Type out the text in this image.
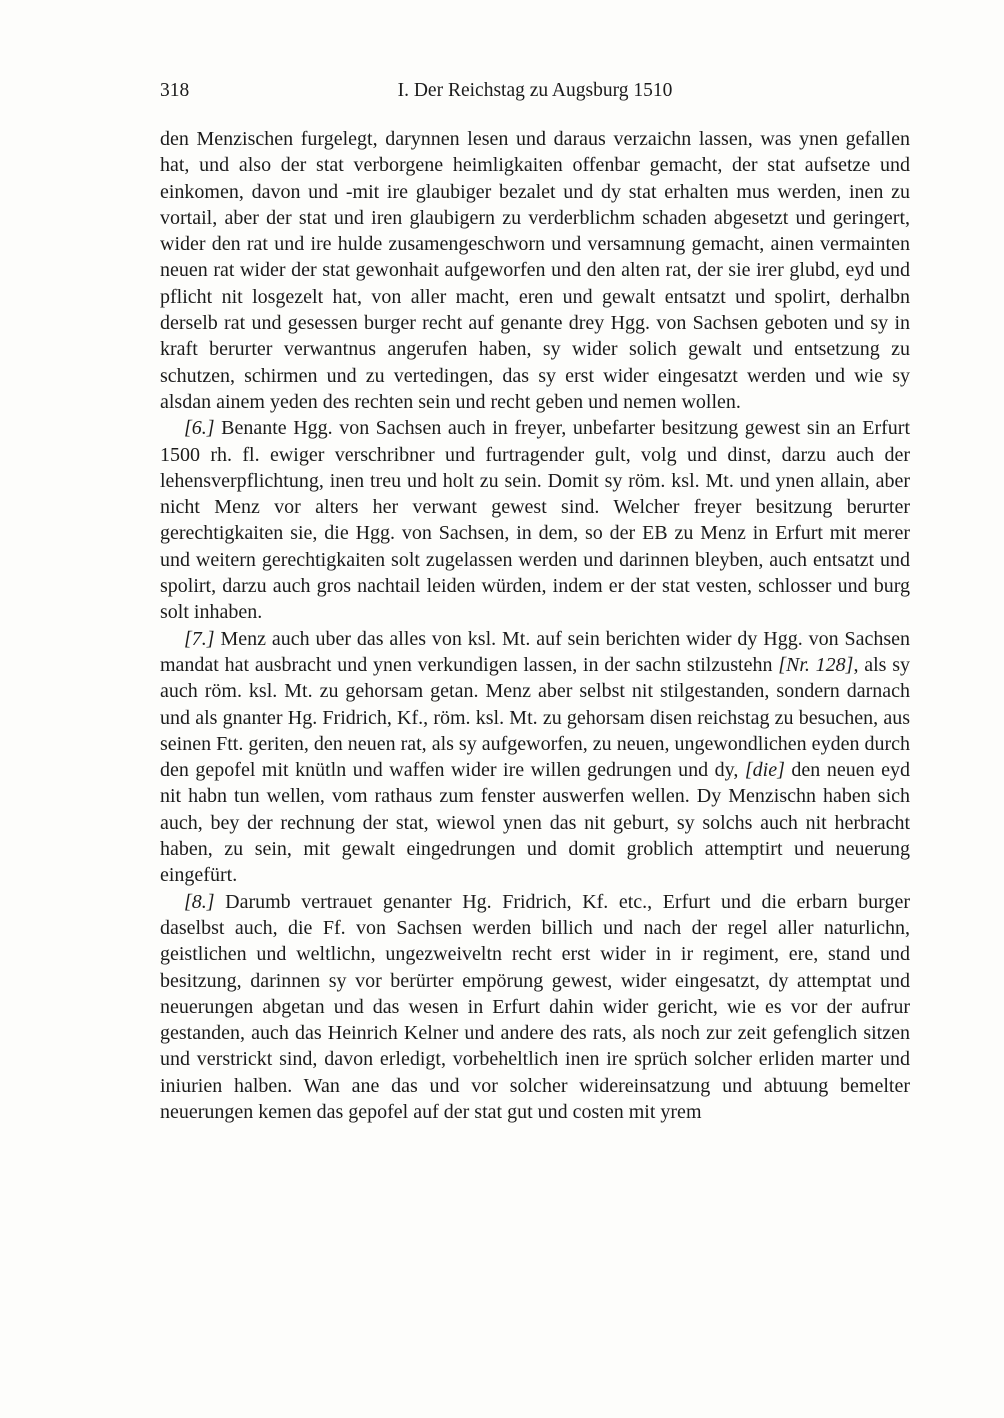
318	I. Der Reichstag zu Augsburg 1510

den Menzischen furgelegt, darynnen lesen und daraus verzaichn lassen, was ynen gefallen hat, und also der stat verborgene heimligkaiten offenbar gemacht, der stat aufsetze und einkomen, davon und -mit ire glaubiger bezalet und dy stat erhalten mus werden, inen zu vortail, aber der stat und iren glaubigern zu verderblichm schaden abgesetzt und geringert, wider den rat und ire hulde zusamengeschworn und versamnung gemacht, ainen vermainten neuen rat wider der stat gewonhait aufgeworfen und den alten rat, der sie irer glubd, eyd und pflicht nit losgezelt hat, von aller macht, eren und gewalt entsatzt und spolirt, derhalbn derselb rat und gesessen burger recht auf genante drey Hgg. von Sachsen geboten und sy in kraft berurter verwantnus angerufen haben, sy wider solich gewalt und entsetzung zu schutzen, schirmen und zu vertedingen, das sy erst wider eingesatzt werden und wie sy alsdan ainem yeden des rechten sein und recht geben und nemen wollen.

[6.] Benante Hgg. von Sachsen auch in freyer, unbefarter besitzung gewest sin an Erfurt 1500 rh. fl. ewiger verschribner und furtragender gult, volg und dinst, darzu auch der lehensverpflichtung, inen treu und holt zu sein. Domit sy röm. ksl. Mt. und ynen allain, aber nicht Menz vor alters her verwant gewest sind. Welcher freyer besitzung berurter gerechtigkaiten sie, die Hgg. von Sachsen, in dem, so der EB zu Menz in Erfurt mit merer und weitern gerechtigkaiten solt zugelassen werden und darinnen bleyben, auch entsatzt und spolirt, darzu auch gros nachtail leiden würden, indem er der stat vesten, schlosser und burg solt inhaben.

[7.] Menz auch uber das alles von ksl. Mt. auf sein berichten wider dy Hgg. von Sachsen mandat hat ausbracht und ynen verkundigen lassen, in der sachn stilzustehn [Nr. 128], als sy auch röm. ksl. Mt. zu gehorsam getan. Menz aber selbst nit stilgestanden, sondern darnach und als gnanter Hg. Fridrich, Kf., röm. ksl. Mt. zu gehorsam disen reichstag zu besuchen, aus seinen Ftt. geriten, den neuen rat, als sy aufgeworfen, zu neuen, ungewondlichen eyden durch den gepofel mit knütln und waffen wider ire willen gedrungen und dy, [die] den neuen eyd nit habn tun wellen, vom rathaus zum fenster auswerfen wellen. Dy Menzischn haben sich auch, bey der rechnung der stat, wiewol ynen das nit geburt, sy solchs auch nit herbracht haben, zu sein, mit gewalt eingedrungen und domit groblich attemptirt und neuerung eingefürt.

[8.] Darumb vertrauet genanter Hg. Fridrich, Kf. etc., Erfurt und die erbarn burger daselbst auch, die Ff. von Sachsen werden billich und nach der regel aller naturlichn, geistlichen und weltlichn, ungezweiveltn recht erst wider in ir regiment, ere, stand und besitzung, darinnen sy vor berürter empörung gewest, wider eingesatzt, dy attemptat und neuerungen abgetan und das wesen in Erfurt dahin wider gericht, wie es vor der aufrur gestanden, auch das Heinrich Kelner und andere des rats, als noch zur zeit gefenglich sitzen und verstrickt sind, davon erledigt, vorbeheltlich inen ire sprüch solcher erliden marter und iniurien halben. Wan ane das und vor solcher widereinsatzung und abtuung bemelter neuerungen kemen das gepofel auf der stat gut und costen mit yrem
